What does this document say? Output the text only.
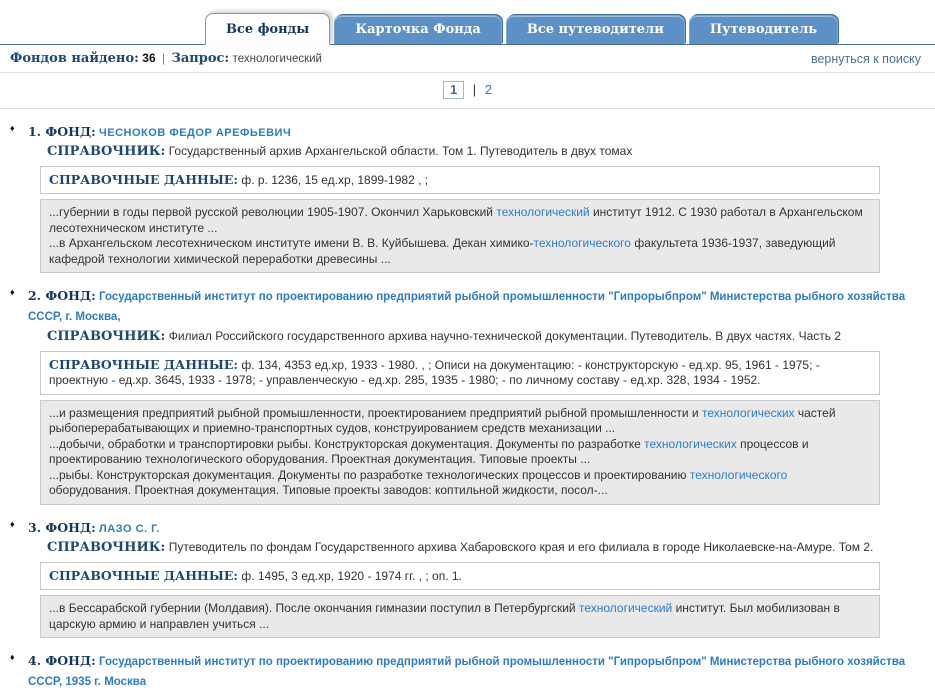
Все фонды	Карточка Фонда	Все путеводители	Путеводитель
Фондов найдено: 36 | Запрос: технологический	вернуться к поиску
1 | 2
♦ 1. ФОНД: ЧЕСНОКОВ ФЕДОР АРЕФЬЕВИЧ
СПРАВОЧНИК: Государственный архив Архангельской области. Том 1. Путеводитель в двух томах
СПРАВОЧНЫЕ ДАННЫЕ: ф. р. 1236, 15 ед.хр, 1899-1982 , ;
...губернии в годы первой русской революции 1905-1907. Окончил Харьковский технологический институт 1912. С 1930 работал в Архангельском лесотехническом институте ...
...в Архангельском лесотехническом институте имени В. В. Куйбышева. Декан химико-технологического факультета 1936-1937, заведующий кафедрой технологии химической переработки древесины ...
♦ 2. ФОНД: Государственный институт по проектированию предприятий рыбной промышленности "Гипрорыбпром" Министерства рыбного хозяйства СССР, г. Москва,
СПРАВОЧНИК: Филиал Российского государственного архива научно-технической документации. Путеводитель. В двух частях. Часть 2
СПРАВОЧНЫЕ ДАННЫЕ: ф. 134, 4353 ед.хр, 1933 - 1980. , ; Описи на документацию: - конструкторскую - ед.хр. 95, 1961 - 1975; - проектную - ед.хр. 3645, 1933 - 1978; - управленческую - ед.хр. 285, 1935 - 1980; - по личному составу - ед.хр. 328, 1934 - 1952.
...и размещения предприятий рыбной промышленности, проектированием предприятий рыбной промышленности и технологических частей рыбоперерабатывающих и приемно-транспортных судов, конструированием средств механизации ...
...добычи, обработки и транспортировки рыбы. Конструкторская документация. Документы по разработке технологических процессов и проектированию технологического оборудования. Проектная документация. Типовые проекты ...
...рыбы. Конструкторская документация. Документы по разработке технологических процессов и проектированию технологического оборудования. Проектная документация. Типовые проекты заводов: коптильной жидкости, посол-...
♦ 3. ФОНД: ЛАЗО С. Г.
СПРАВОЧНИК: Путеводитель по фондам Государственного архива Хабаровского края и его филиала в городе Николаевске-на-Амуре. Том 2.
СПРАВОЧНЫЕ ДАННЫЕ: ф. 1495, 3 ед.хр, 1920 - 1974 гг. , ; оп. 1.
...в Бессарабской губернии (Молдавия). После окончания гимназии поступил в Петербургский технологический институт. Был мобилизован в царскую армию и направлен учиться ...
♦ 4. ФОНД: Государственный институт по проектированию предприятий рыбной промышленности "Гипрорыбпром" Министерства рыбного хозяйства СССР, 1935 г. Москва
